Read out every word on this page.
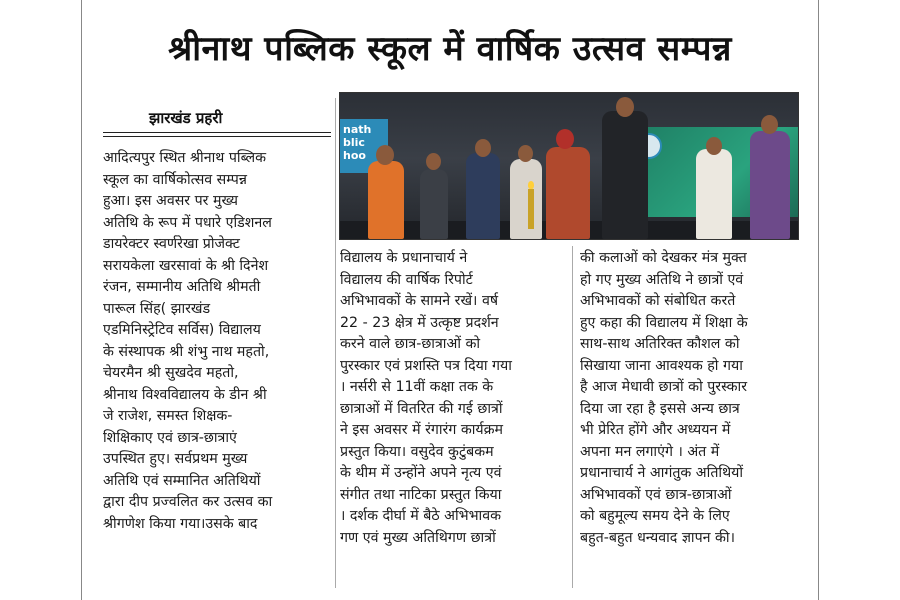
श्रीनाथ पब्लिक स्कूल में वार्षिक उत्सव सम्पन्न
झारखंड प्रहरी
nath
blic
hoo
आदित्यपुर स्थित श्रीनाथ पब्लिक
स्कूल का वार्षिकोत्सव सम्पन्न
हुआ। इस अवसर पर मुख्य
अतिथि के रूप में पधारे एडिशनल
डायरेक्टर स्वर्णरेखा प्रोजेक्ट
सरायकेला खरसावां के श्री दिनेश
रंजन, सम्मानीय अतिथि श्रीमती
पारूल सिंह( झारखंड
एडमिनिस्ट्रेटिव सर्विस) विद्यालय
के संस्थापक श्री शंभु नाथ महतो,
चेयरमैन श्री सुखदेव महतो,
श्रीनाथ विश्वविद्यालय के डीन श्री
जे राजेश, समस्त शिक्षक-
शिक्षिकाए एवं छात्र-छात्राएं
उपस्थित हुए। सर्वप्रथम मुख्य
अतिथि एवं सम्मानित अतिथियों
द्वारा दीप प्रज्वलित कर उत्सव का
श्रीगणेश किया गया।उसके बाद
विद्यालय के प्रधानाचार्य ने
विद्यालय की वार्षिक रिपोर्ट
अभिभावकों के सामने रखें। वर्ष
22 - 23 क्षेत्र में उत्कृष्ट प्रदर्शन
करने वाले छात्र-छात्राओं को
पुरस्कार एवं प्रशस्ति पत्र दिया गया
। नर्सरी से 11वीं कक्षा तक के
छात्राओं में वितरित की गई छात्रों
ने इस अवसर में रंगारंग कार्यक्रम
प्रस्तुत किया। वसुदेव कुटुंबकम
के थीम में उन्होंने अपने नृत्य एवं
संगीत तथा नाटिका प्रस्तुत किया
। दर्शक दीर्घा में बैठे अभिभावक
गण एवं मुख्य अतिथिगण छात्रों
की कलाओं को देखकर मंत्र मुक्त
हो गए मुख्य अतिथि ने छात्रों एवं
अभिभावकों को संबोधित करते
हुए कहा की विद्यालय में शिक्षा के
साथ-साथ अतिरिक्त कौशल को
सिखाया जाना आवश्यक हो गया
है आज मेधावी छात्रों को पुरस्कार
दिया जा रहा है इससे अन्य छात्र
भी प्रेरित होंगे और अध्ययन में
अपना मन लगाएंगे । अंत में
प्रधानाचार्य ने आगंतुक अतिथियों
अभिभावकों एवं छात्र-छात्राओं
को बहुमूल्य समय देने के लिए
बहुत-बहुत धन्यवाद ज्ञापन की।
